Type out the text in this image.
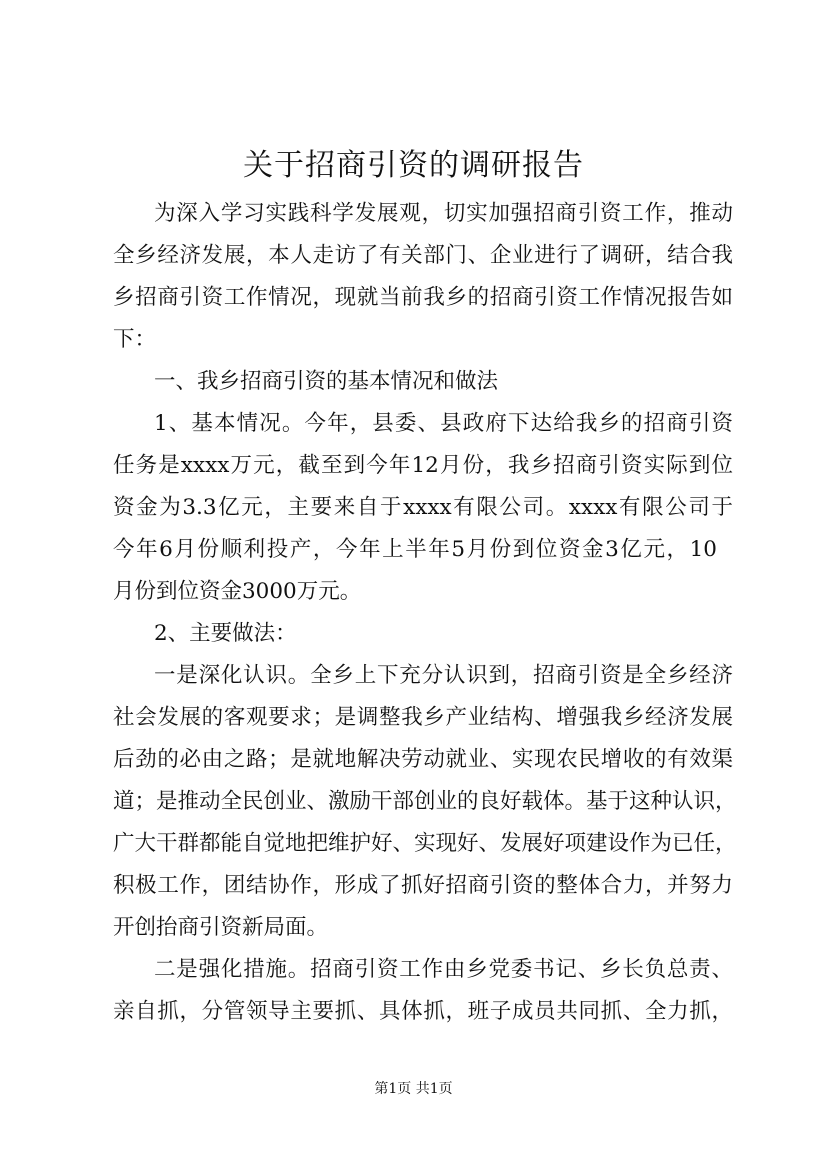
关于招商引资的调研报告
为深入学习实践科学发展观，切实加强招商引资工作，推动
全乡经济发展，本人走访了有关部门、企业进行了调研，结合我
乡招商引资工作情况，现就当前我乡的招商引资工作情况报告如
下：
一、我乡招商引资的基本情况和做法
1、基本情况。今年，县委、县政府下达给我乡的招商引资
任务是xxxx万元，截至到今年12月份，我乡招商引资实际到位
资金为3.3亿元，主要来自于xxxx有限公司。xxxx有限公司于
今年6月份顺利投产，今年上半年5月份到位资金3亿元，10
月份到位资金3000万元。
2、主要做法：
一是深化认识。全乡上下充分认识到，招商引资是全乡经济
社会发展的客观要求；是调整我乡产业结构、增强我乡经济发展
后劲的必由之路；是就地解决劳动就业、实现农民增收的有效渠
道；是推动全民创业、激励干部创业的良好载体。基于这种认识，
广大干群都能自觉地把维护好、实现好、发展好项建设作为已任，
积极工作，团结协作，形成了抓好招商引资的整体合力，并努力
开创抬商引资新局面。
二是强化措施。招商引资工作由乡党委书记、乡长负总责、
亲自抓，分管领导主要抓、具体抓，班子成员共同抓、全力抓，
第1页 共1页
